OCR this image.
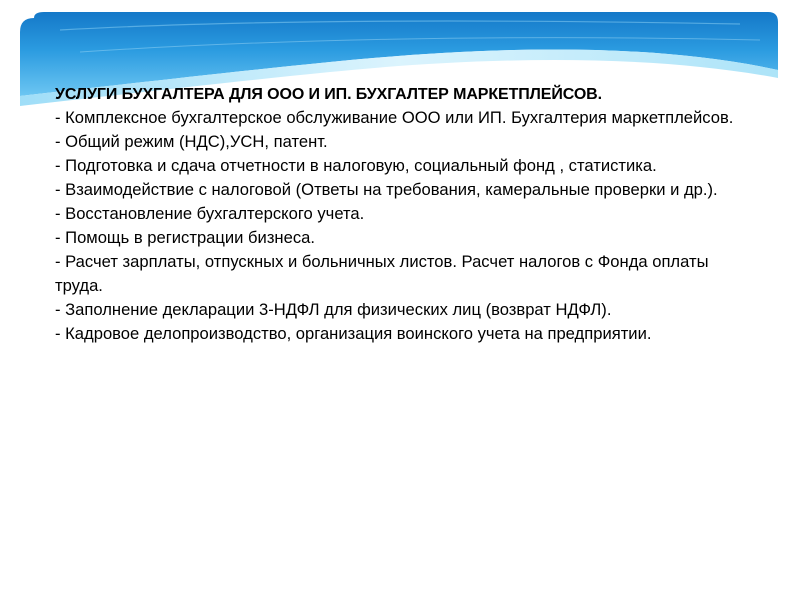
УСЛУГИ БУХГАЛТЕРА ДЛЯ ООО И ИП. БУХГАЛТЕР МАРКЕТПЛЕЙСОВ.

- Комплексное бухгалтерское обслуживание ООО или ИП. Бухгалтерия маркетплейсов.
- Общий режим (НДС),УСН, патент.
- Подготовка и сдача отчетности в налоговую, социальный фонд , статистика.
- Взаимодействие с налоговой (Ответы на требования, камеральные проверки и др.).
- Восстановление бухгалтерского учета.
- Помощь в регистрации бизнеса.
- Расчет зарплаты, отпускных и больничных листов. Расчет налогов с Фонда оплаты труда.
- Заполнение декларации 3-НДФЛ для физических лиц (возврат НДФЛ).
- Кадровое делопроизводство, организация воинского учета на предприятии.
